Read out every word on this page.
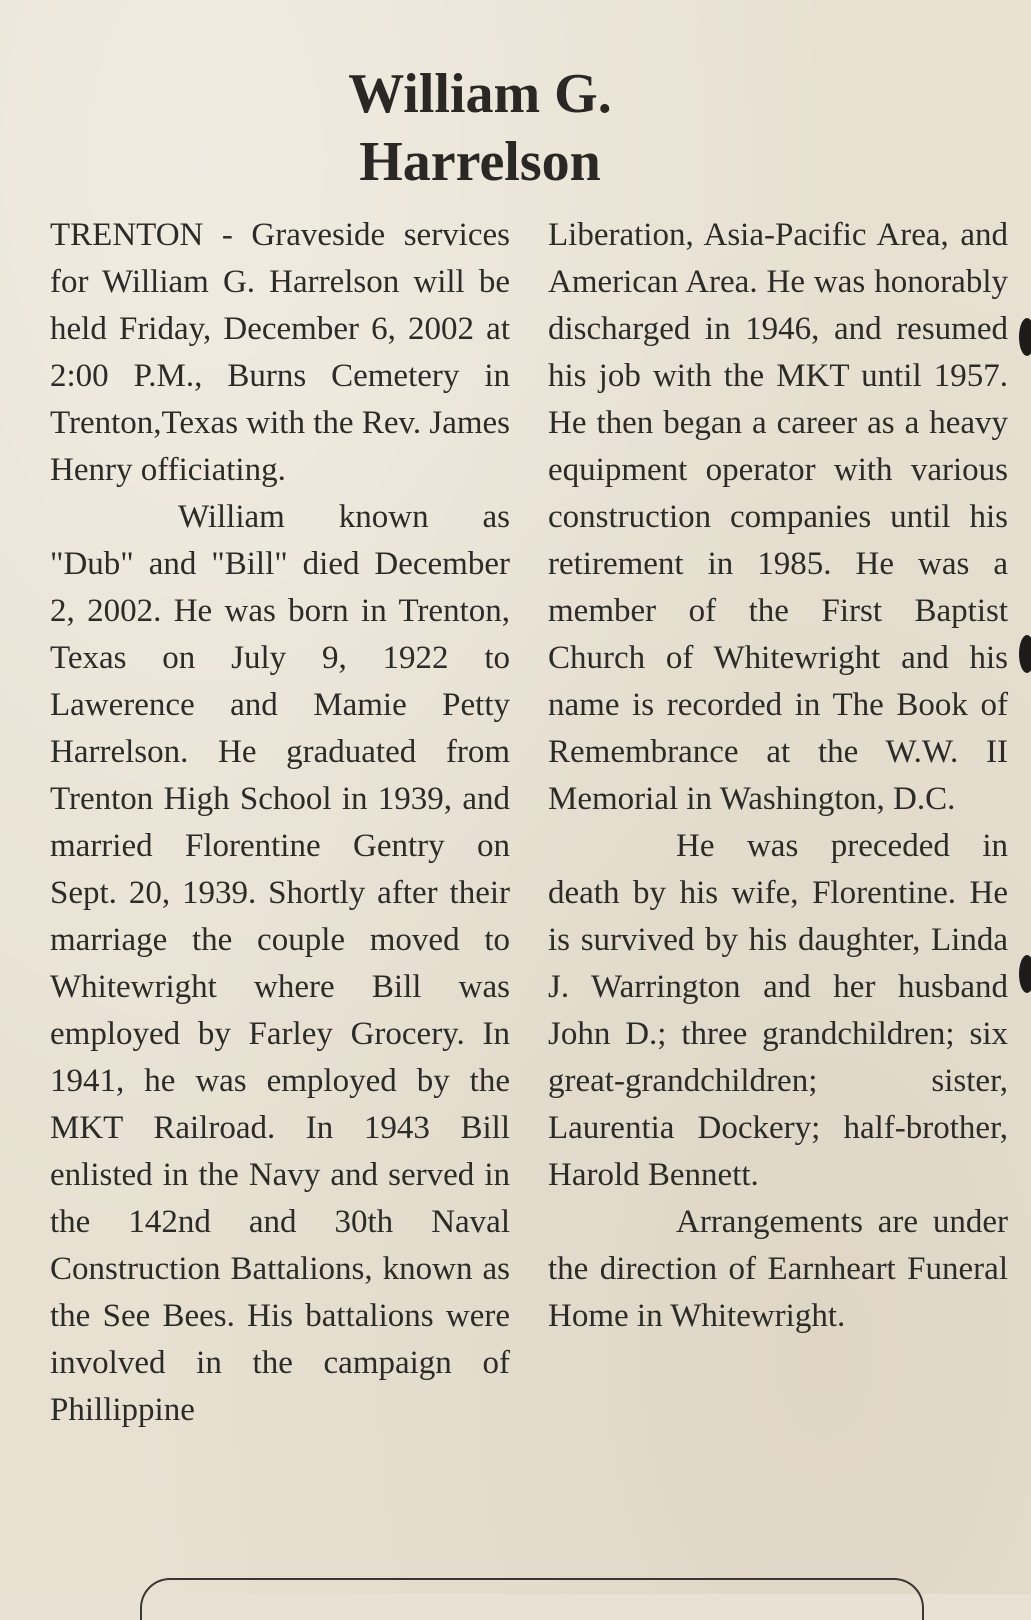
William G.
Harrelson

TRENTON - Graveside services for William G. Harrelson will be held Friday, December 6, 2002 at 2:00 P.M., Burns Cemetery in Trenton,Texas with the Rev. James Henry officiating.

William known as "Dub" and "Bill" died December 2, 2002. He was born in Trenton, Texas on July 9, 1922 to Lawerence and Mamie Petty Harrelson. He graduated from Trenton High School in 1939, and married Florentine Gentry on Sept. 20, 1939. Shortly after their marriage the couple moved to Whitewright where Bill was employed by Farley Grocery. In 1941, he was employed by the MKT Railroad. In 1943 Bill enlisted in the Navy and served in the 142nd and 30th Naval Construction Battalions, known as the See Bees. His battalions were involved in the campaign of Phillippine

Liberation, Asia-Pacific Area, and American Area. He was honorably discharged in 1946, and resumed his job with the MKT until 1957. He then began a career as a heavy equipment operator with various construction companies until his retirement in 1985. He was a member of the First Baptist Church of Whitewright and his name is recorded in The Book of Remembrance at the W.W. II Memorial in Washington, D.C.

He was preceded in death by his wife, Florentine. He is survived by his daughter, Linda J. Warrington and her husband John D.; three grandchildren; six great-grandchildren; sister, Laurentia Dockery; half-brother, Harold Bennett.

Arrangements are under the direction of Earnheart Funeral Home in Whitewright.
